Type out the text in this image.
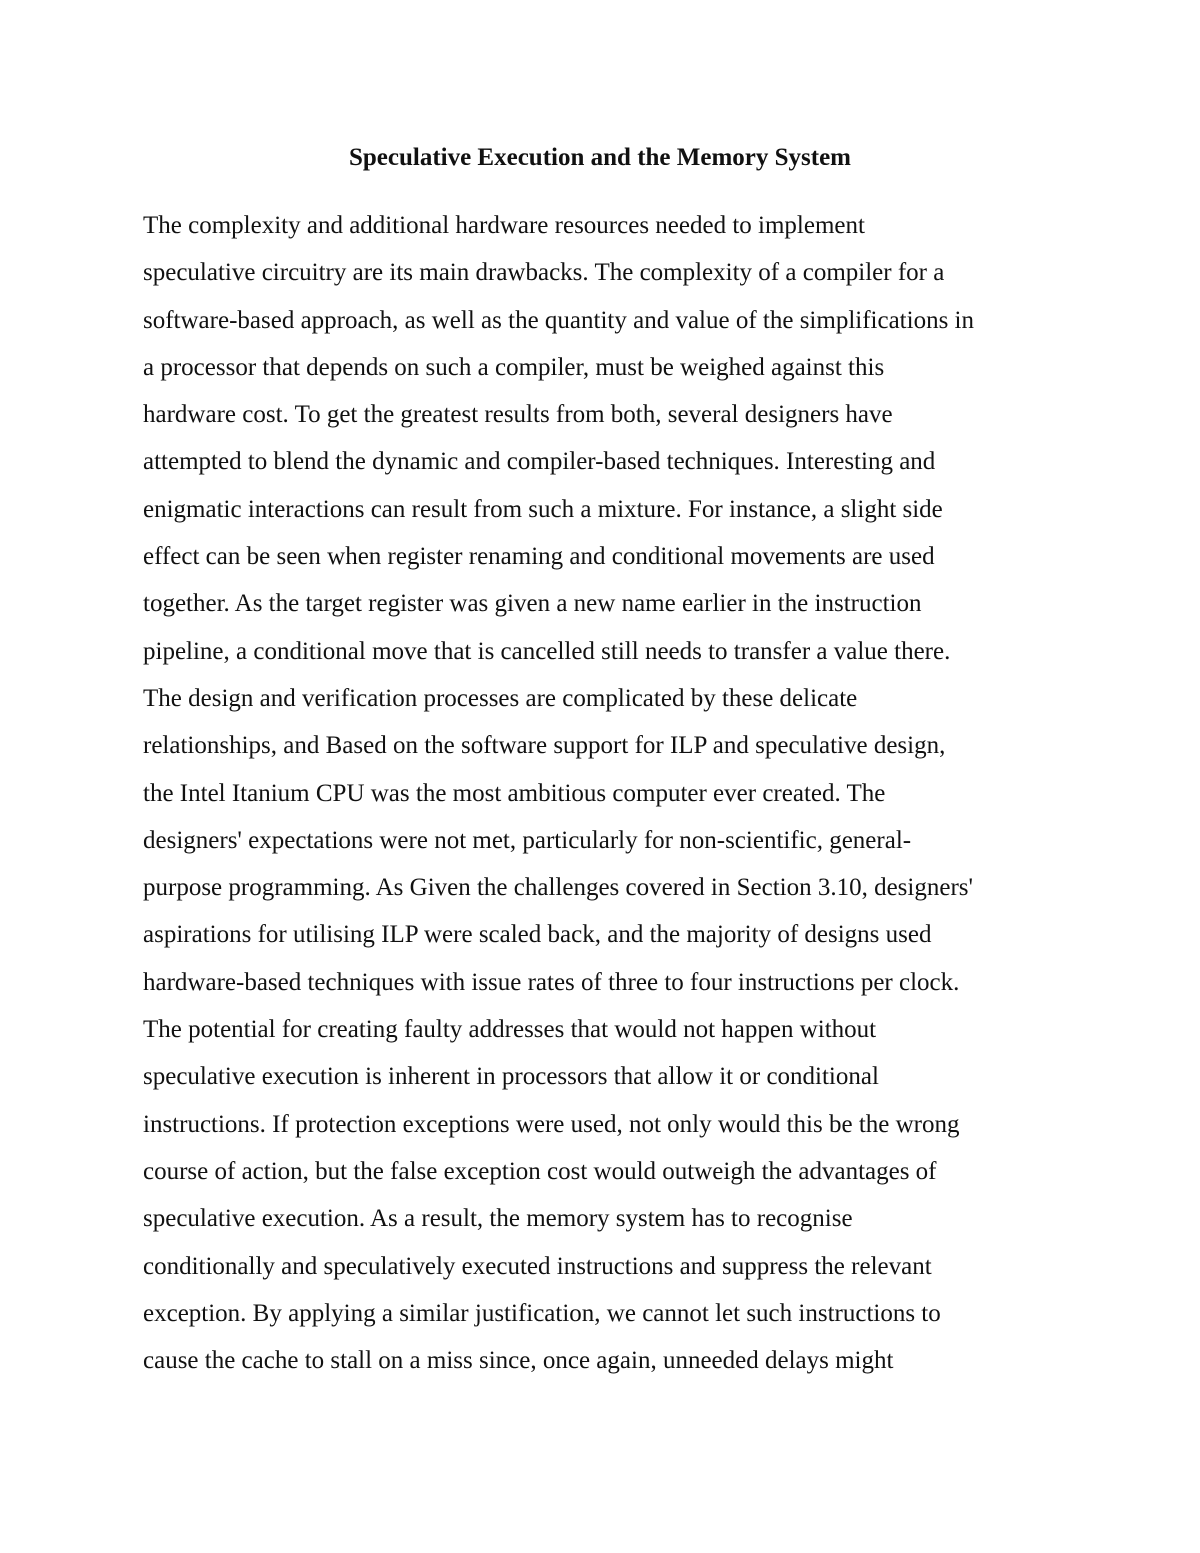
Speculative Execution and the Memory System
The complexity and additional hardware resources needed to implement
speculative circuitry are its main drawbacks. The complexity of a compiler for a
software-based approach, as well as the quantity and value of the simplifications in
a processor that depends on such a compiler, must be weighed against this
hardware cost. To get the greatest results from both, several designers have
attempted to blend the dynamic and compiler-based techniques. Interesting and
enigmatic interactions can result from such a mixture. For instance, a slight side
effect can be seen when register renaming and conditional movements are used
together. As the target register was given a new name earlier in the instruction
pipeline, a conditional move that is cancelled still needs to transfer a value there.
The design and verification processes are complicated by these delicate
relationships, and Based on the software support for ILP and speculative design,
the Intel Itanium CPU was the most ambitious computer ever created. The
designers' expectations were not met, particularly for non-scientific, general-
purpose programming. As Given the challenges covered in Section 3.10, designers'
aspirations for utilising ILP were scaled back, and the majority of designs used
hardware-based techniques with issue rates of three to four instructions per clock.
The potential for creating faulty addresses that would not happen without
speculative execution is inherent in processors that allow it or conditional
instructions. If protection exceptions were used, not only would this be the wrong
course of action, but the false exception cost would outweigh the advantages of
speculative execution. As a result, the memory system has to recognise
conditionally and speculatively executed instructions and suppress the relevant
exception. By applying a similar justification, we cannot let such instructions to
cause the cache to stall on a miss since, once again, unneeded delays might
